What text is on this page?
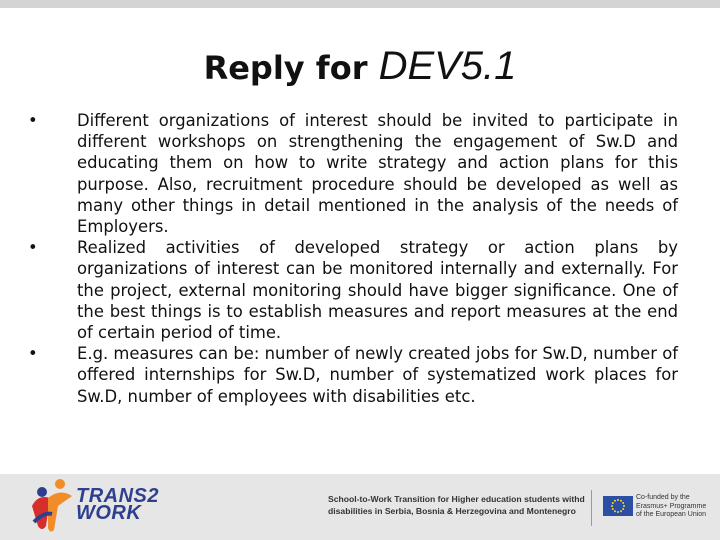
Reply for DEV5.1
•	Different organizations of interest should be invited to participate in different workshops on strengthening the engagement of Sw.D and educating them on how to write strategy and action plans for this purpose. Also, recruitment procedure should be developed as well as many other things in detail mentioned in the analysis of the needs of Employers.
•	Realized activities of developed strategy or action plans by organizations of interest can be monitored internally and externally. For the project, external monitoring should have bigger significance. One of the best things is to establish measures and report measures at the end of certain period of time.
•	E.g. measures can be: number of newly created jobs for Sw.D, number of offered internships for Sw.D, number of systematized work places for Sw.D, number of employees with disabilities etc.
TRANS2
WORK
School-to-Work Transition for Higher education students withd
disabilities in Serbia, Bosnia & Herzegovina and Montenegro
Co-funded by the
Erasmus+ Programme
of the European Union
